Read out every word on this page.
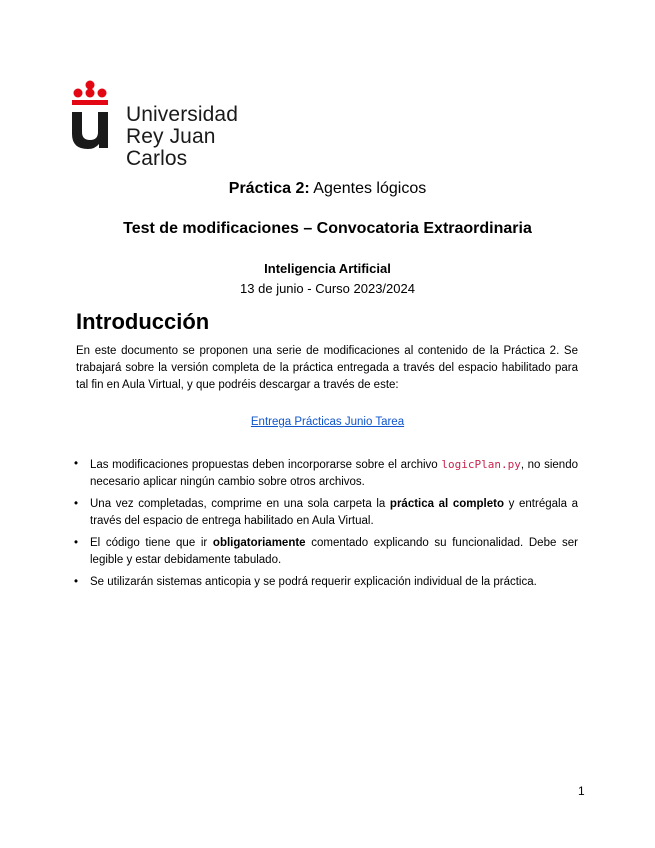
Universidad
Rey Juan Carlos
Práctica 2: Agentes lógicos
Test de modificaciones – Convocatoria Extraordinaria
Inteligencia Artificial
13 de junio - Curso 2023/2024
Introducción
En este documento se proponen una serie de modificaciones al contenido de la Práctica 2. Se trabajará sobre la versión completa de la práctica entregada a través del espacio habilitado para tal fin en Aula Virtual, y que podréis descargar a través de este:
Entrega Prácticas Junio Tarea
• Las modificaciones propuestas deben incorporarse sobre el archivo logicPlan.py, no siendo necesario aplicar ningún cambio sobre otros archivos.
• Una vez completadas, comprime en una sola carpeta la práctica al completo y entrégala a través del espacio de entrega habilitado en Aula Virtual.
• El código tiene que ir obligatoriamente comentado explicando su funcionalidad. Debe ser legible y estar debidamente tabulado.
• Se utilizarán sistemas anticopia y se podrá requerir explicación individual de la práctica.
1
